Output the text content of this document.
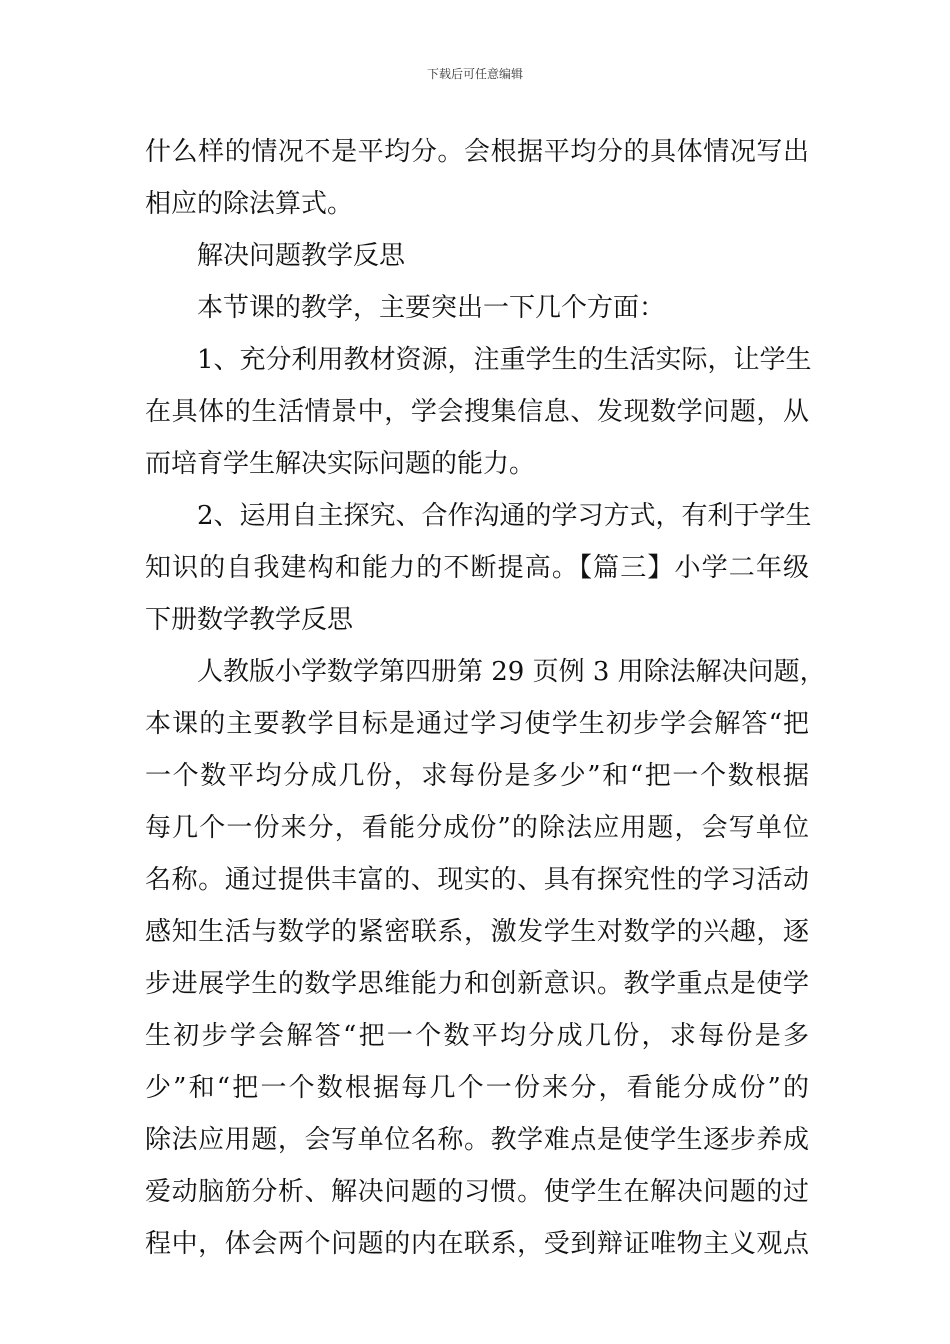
下载后可任意编辑
什么样的情况不是平均分。会根据平均分的具体情况写出
相应的除法算式。
解决问题教学反思
本节课的教学，主要突出一下几个方面：
1、充分利用教材资源，注重学生的生活实际，让学生
在具体的生活情景中，学会搜集信息、发现数学问题，从
而培育学生解决实际问题的能力。
2、运用自主探究、合作沟通的学习方式，有利于学生
知识的自我建构和能力的不断提高。【篇三】小学二年级
下册数学教学反思
人教版小学数学第四册第 29 页例 3 用除法解决问题，
本课的主要教学目标是通过学习使学生初步学会解答“把
一个数平均分成几份，求每份是多少”和“把一个数根据
每几个一份来分，看能分成份”的除法应用题，会写单位
名称。通过提供丰富的、现实的、具有探究性的学习活动
感知生活与数学的紧密联系，激发学生对数学的兴趣，逐
步进展学生的数学思维能力和创新意识。教学重点是使学
生初步学会解答“把一个数平均分成几份，求每份是多
少”和“把一个数根据每几个一份来分，看能分成份”的
除法应用题，会写单位名称。教学难点是使学生逐步养成
爱动脑筋分析、解决问题的习惯。使学生在解决问题的过
程中，体会两个问题的内在联系，受到辩证唯物主义观点
